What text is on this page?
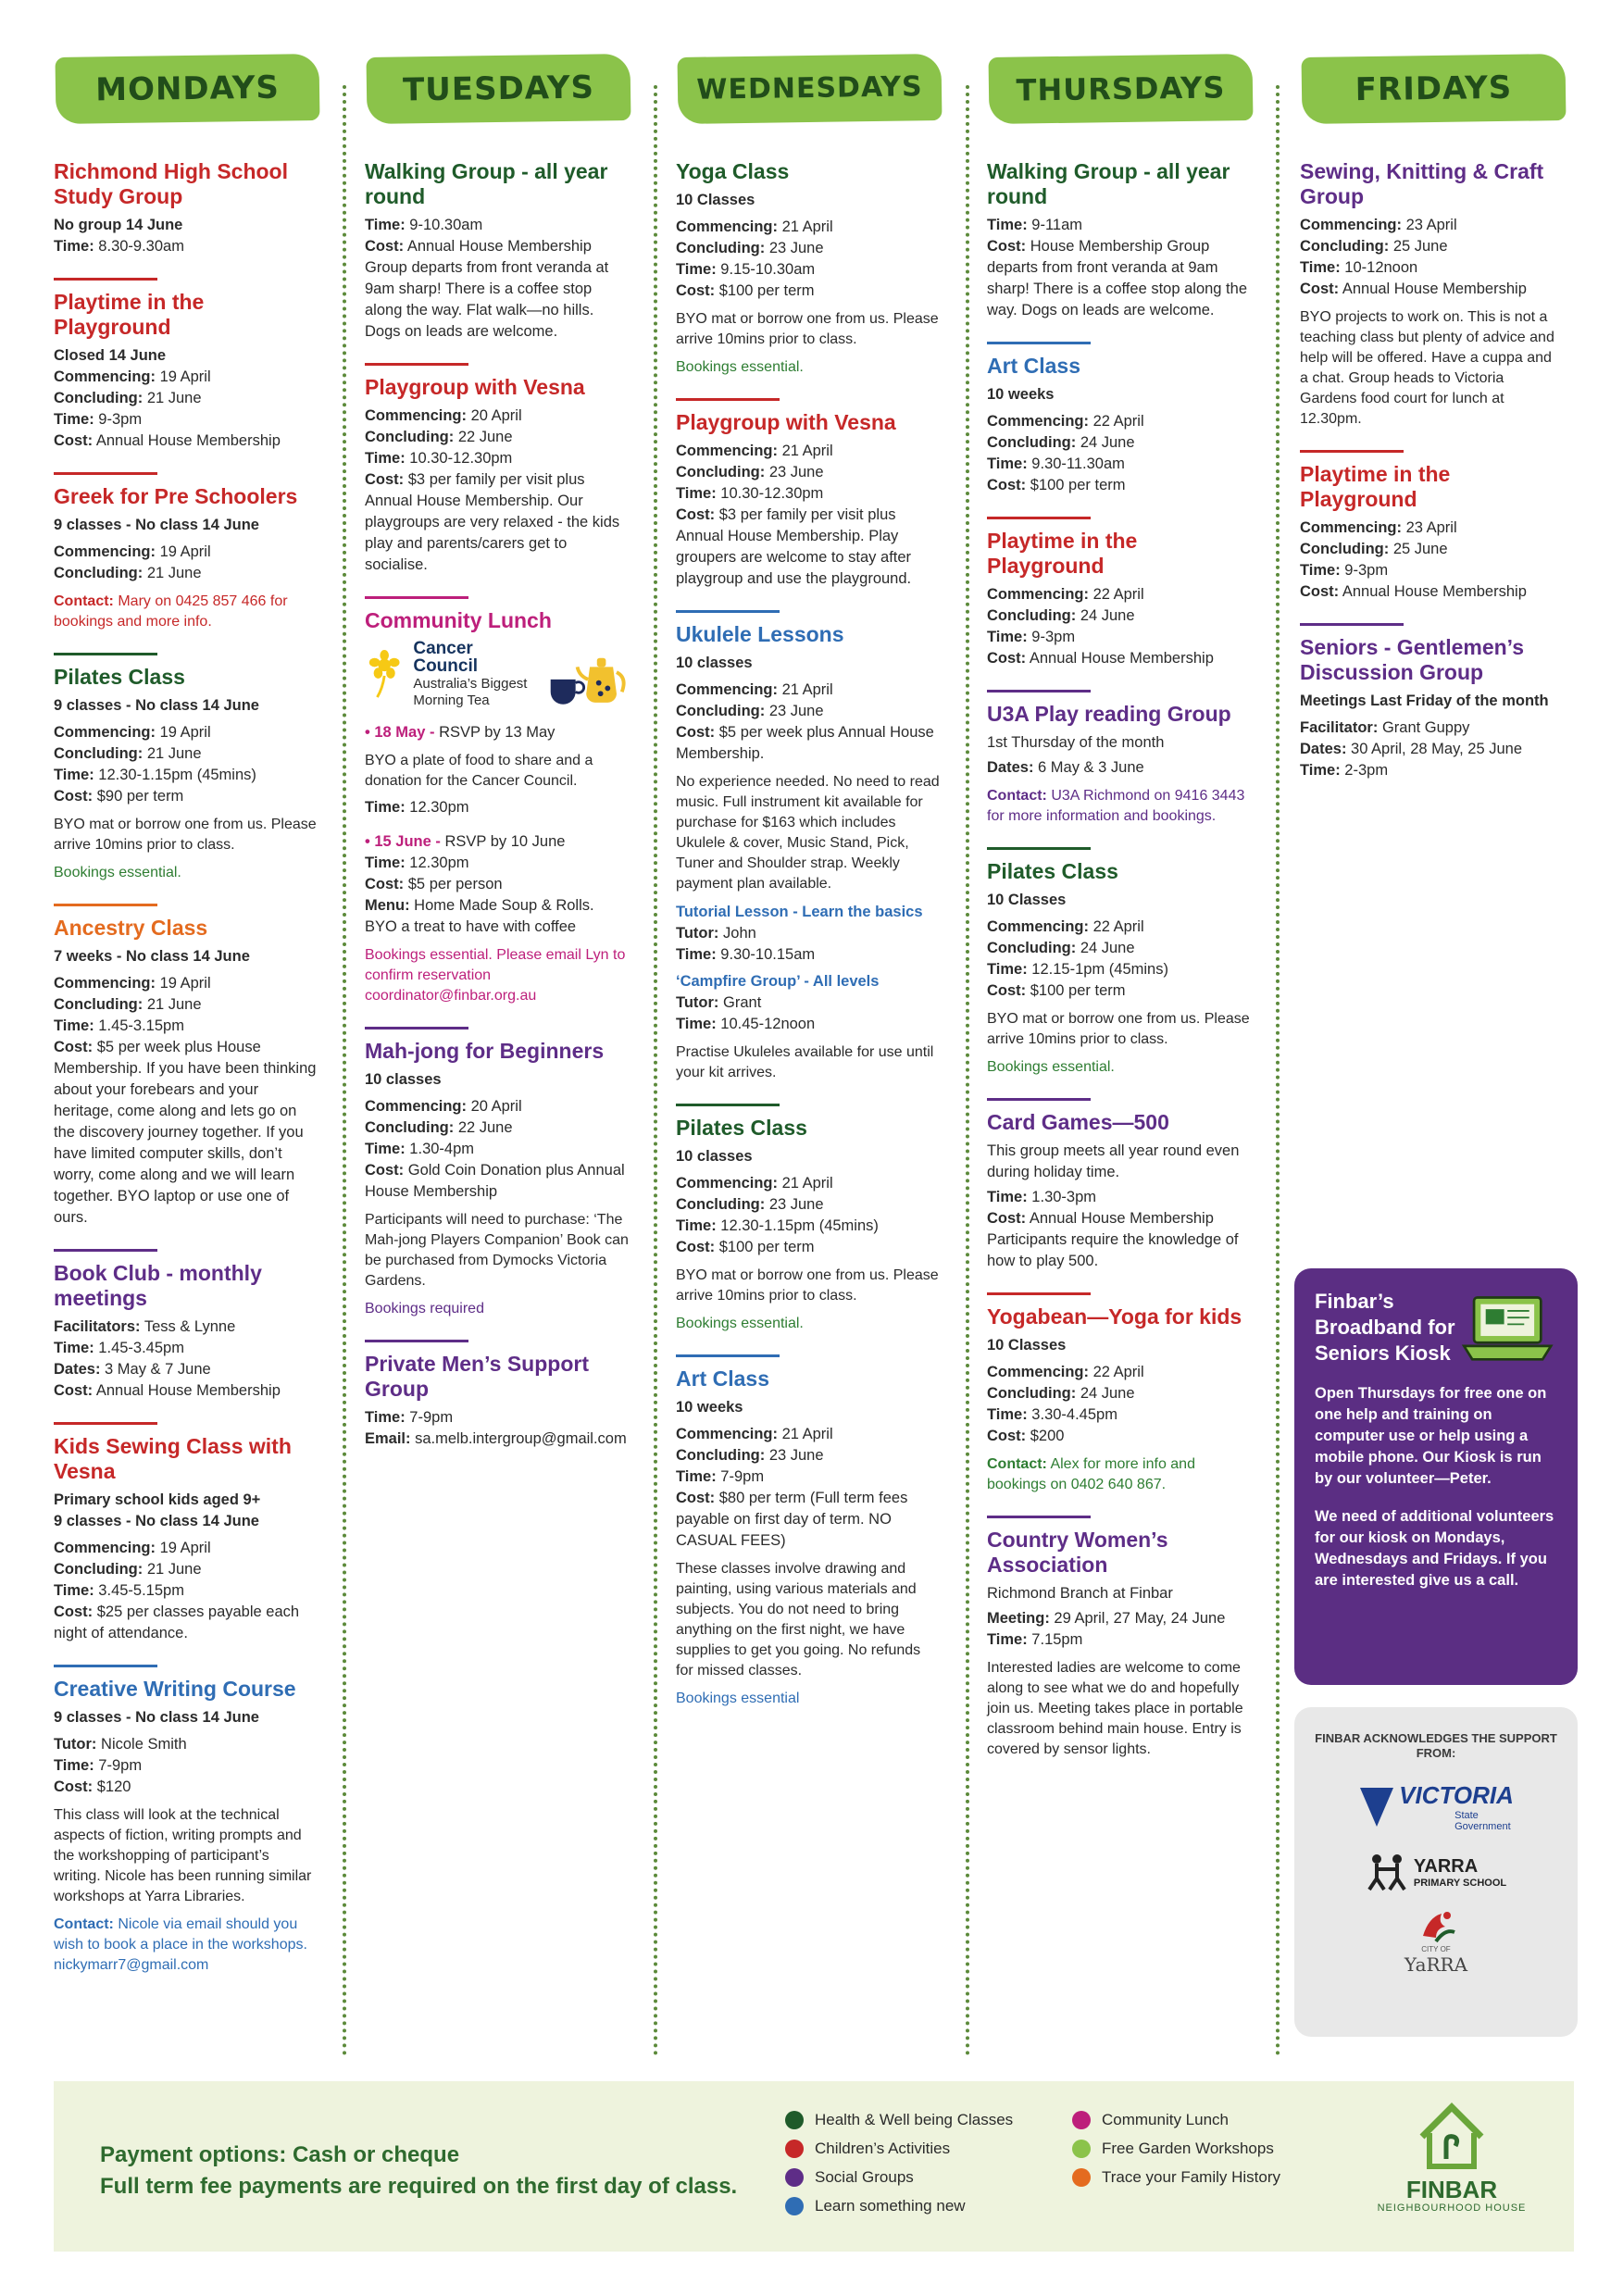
MONDAYS
Richmond High School Study Group
No group 14 June
Time: 8.30-9.30am
Playtime in the Playground
Closed 14 June
Commencing: 19 April
Concluding: 21 June
Time: 9-3pm
Cost: Annual House Membership
Greek for Pre Schoolers
9 classes - No class 14 June
Commencing: 19 April
Concluding: 21 June
Contact: Mary on 0425 857 466 for bookings and more info.
Pilates Class
9 classes - No class 14 June
Commencing: 19 April
Concluding: 21 June
Time: 12.30-1.15pm (45mins)
Cost: $90 per term
BYO mat or borrow one from us. Please arrive 10mins prior to class.
Bookings essential.
Ancestry Class
7 weeks - No class 14 June
Commencing: 19 April
Concluding: 21 June
Time: 1.45-3.15pm
Cost: $5 per week plus House Membership. If you have been thinking about your forebears and your heritage, come along and lets go on the discovery journey together. If you have limited computer skills, don’t worry, come along and we will learn together. BYO laptop or use one of ours.
Book Club - monthly meetings
Facilitators: Tess & Lynne
Time: 1.45-3.45pm
Dates: 3 May & 7 June
Cost: Annual House Membership
Kids Sewing Class with Vesna
Primary school kids aged 9+
9 classes - No class 14 June
Commencing: 19 April
Concluding: 21 June
Time: 3.45-5.15pm
Cost: $25 per classes payable each night of attendance.
Creative Writing Course
9 classes - No class 14 June
Tutor: Nicole Smith
Time: 7-9pm
Cost: $120
This class will look at the technical aspects of fiction, writing prompts and the workshopping of participant’s writing. Nicole has been running similar workshops at Yarra Libraries.
Contact: Nicole via email should you wish to book a place in the workshops. nickymarr7@gmail.com
TUESDAYS
Walking Group - all year round
Time: 9-10.30am
Cost: Annual House Membership Group departs from front veranda at 9am sharp! There is a coffee stop along the way. Flat walk—no hills. Dogs on leads are welcome.
Playgroup with Vesna
Commencing: 20 April
Concluding: 22 June
Time: 10.30-12.30pm
Cost: $3 per family per visit plus Annual House Membership. Our playgroups are very relaxed - the kids play and parents/carers get to socialise.
Community Lunch
Cancer Council
Australia’s Biggest
Morning Tea
• 18 May - RSVP by 13 May
BYO a plate of food to share and a donation for the Cancer Council.
Time: 12.30pm
• 15 June - RSVP by 10 June
Time: 12.30pm
Cost: $5 per person
Menu: Home Made Soup & Rolls. BYO a treat to have with coffee
Bookings essential. Please email Lyn to confirm reservation coordinator@finbar.org.au
Mah-jong for Beginners
10 classes
Commencing: 20 April
Concluding: 22 June
Time: 1.30-4pm
Cost: Gold Coin Donation plus Annual House Membership
Participants will need to purchase: ‘The Mah-jong Players Companion’ Book can be purchased from Dymocks Victoria Gardens.
Bookings required
Private Men’s Support Group
Time: 7-9pm
Email: sa.melb.intergroup@gmail.com
WEDNESDAYS
Yoga Class
10 Classes
Commencing: 21 April
Concluding: 23 June
Time: 9.15-10.30am
Cost: $100 per term
BYO mat or borrow one from us. Please arrive 10mins prior to class.
Bookings essential.
Playgroup with Vesna
Commencing: 21 April
Concluding: 23 June
Time: 10.30-12.30pm
Cost: $3 per family per visit plus Annual House Membership. Play groupers are welcome to stay after playgroup and use the playground.
Ukulele Lessons
10 classes
Commencing: 21 April
Concluding: 23 June
Cost: $5 per week plus Annual House Membership.
No experience needed. No need to read music. Full instrument kit available for purchase for $163 which includes Ukulele & cover, Music Stand, Pick, Tuner and Shoulder strap. Weekly payment plan available.
Tutorial Lesson - Learn the basics
Tutor: John
Time: 9.30-10.15am
‘Campfire Group’ - All levels
Tutor: Grant
Time: 10.45-12noon
Practise Ukuleles available for use until your kit arrives.
Pilates Class
10 classes
Commencing: 21 April
Concluding: 23 June
Time: 12.30-1.15pm (45mins)
Cost: $100 per term
BYO mat or borrow one from us. Please arrive 10mins prior to class.
Bookings essential.
Art Class
10 weeks
Commencing: 21 April
Concluding: 23 June
Time: 7-9pm
Cost: $80 per term (Full term fees payable on first day of term. NO CASUAL FEES)
These classes involve drawing and painting, using various materials and subjects. You do not need to bring anything on the first night, we have supplies to get you going. No refunds for missed classes.
Bookings essential
THURSDAYS
Walking Group - all year round
Time: 9-11am
Cost: House Membership Group departs from front veranda at 9am sharp! There is a coffee stop along the way. Dogs on leads are welcome.
Art Class
10 weeks
Commencing: 22 April
Concluding: 24 June
Time: 9.30-11.30am
Cost: $100 per term
Playtime in the Playground
Commencing: 22 April
Concluding: 24 June
Time: 9-3pm
Cost: Annual House Membership
U3A Play reading Group
1st Thursday of the month
Dates: 6 May & 3 June
Contact: U3A Richmond on 9416 3443 for more information and bookings.
Pilates Class
10 Classes
Commencing: 22 April
Concluding: 24 June
Time: 12.15-1pm (45mins)
Cost: $100 per term
BYO mat or borrow one from us. Please arrive 10mins prior to class.
Bookings essential.
Card Games—500
This group meets all year round even during holiday time.
Time: 1.30-3pm
Cost: Annual House Membership Participants require the knowledge of how to play 500.
Yogabean—Yoga for kids
10 Classes
Commencing: 22 April
Concluding: 24 June
Time: 3.30-4.45pm
Cost: $200
Contact: Alex for more info and bookings on 0402 640 867.
Country Women’s Association
Richmond Branch at Finbar
Meeting: 29 April, 27 May, 24 June
Time: 7.15pm
Interested ladies are welcome to come along to see what we do and hopefully join us. Meeting takes place in portable classroom behind main house. Entry is covered by sensor lights.
FRIDAYS
Sewing, Knitting & Craft Group
Commencing: 23 April
Concluding: 25 June
Time: 10-12noon
Cost: Annual House Membership
BYO projects to work on. This is not a teaching class but plenty of advice and help will be offered. Have a cuppa and a chat. Group heads to Victoria Gardens food court for lunch at 12.30pm.
Playtime in the Playground
Commencing: 23 April
Concluding: 25 June
Time: 9-3pm
Cost: Annual House Membership
Seniors - Gentlemen’s Discussion Group
Meetings Last Friday of the month
Facilitator: Grant Guppy
Dates: 30 April, 28 May, 25 June
Time: 2-3pm
Finbar’s Broadband for Seniors Kiosk
Open Thursdays for free one on one help and training on computer use or help using a mobile phone. Our Kiosk is run by our volunteer—Peter.
We need of additional volunteers for our kiosk on Mondays, Wednesdays and Fridays. If you are interested give us a call.
FINBAR ACKNOWLEDGES THE SUPPORT FROM:
VICTORIA
State
Government
YARRA
PRIMARY SCHOOL
CITY OF
YaRRA
Payment options: Cash or cheque
Full term fee payments are required on the first day of class.
Health & Well being Classes
Children’s Activities
Social Groups
Learn something new
Community Lunch
Free Garden Workshops
Trace your Family History	FINBAR
NEIGHBOURHOOD HOUSE
